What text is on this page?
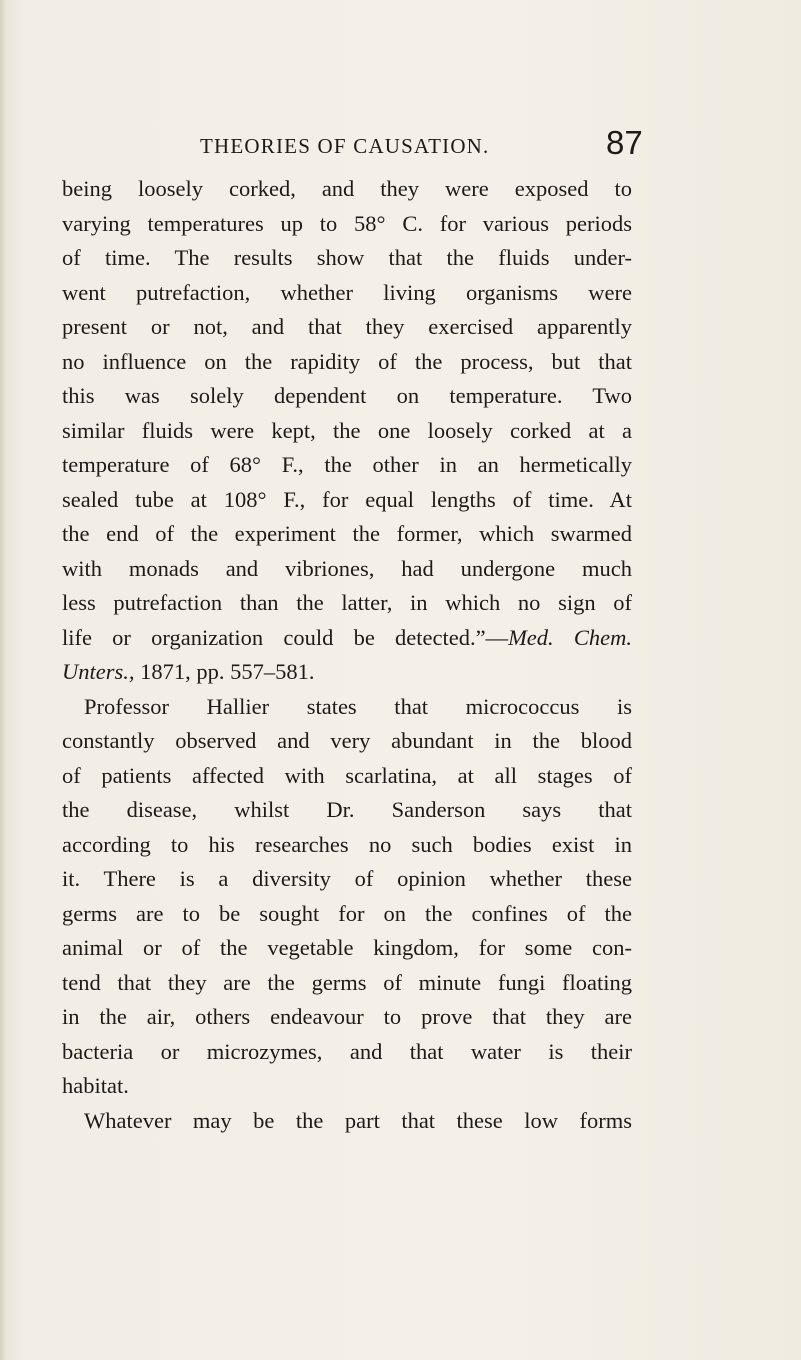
THEORIES OF CAUSATION.	87
being loosely corked, and they were exposed to
varying temperatures up to 58° C. for various periods
of time. The results show that the fluids under-
went putrefaction, whether living organisms were
present or not, and that they exercised apparently
no influence on the rapidity of the process, but that
this was solely dependent on temperature. Two
similar fluids were kept, the one loosely corked at a
temperature of 68° F., the other in an hermetically
sealed tube at 108° F., for equal lengths of time. At
the end of the experiment the former, which swarmed
with monads and vibriones, had undergone much
less putrefaction than the latter, in which no sign of
life or organization could be detected.”—Med. Chem.
Unters., 1871, pp. 557–581.
Professor Hallier states that micrococcus is
constantly observed and very abundant in the blood
of patients affected with scarlatina, at all stages of
the disease, whilst Dr. Sanderson says that
according to his researches no such bodies exist in
it. There is a diversity of opinion whether these
germs are to be sought for on the confines of the
animal or of the vegetable kingdom, for some con-
tend that they are the germs of minute fungi floating
in the air, others endeavour to prove that they are
bacteria or microzymes, and that water is their
habitat.
Whatever may be the part that these low forms
